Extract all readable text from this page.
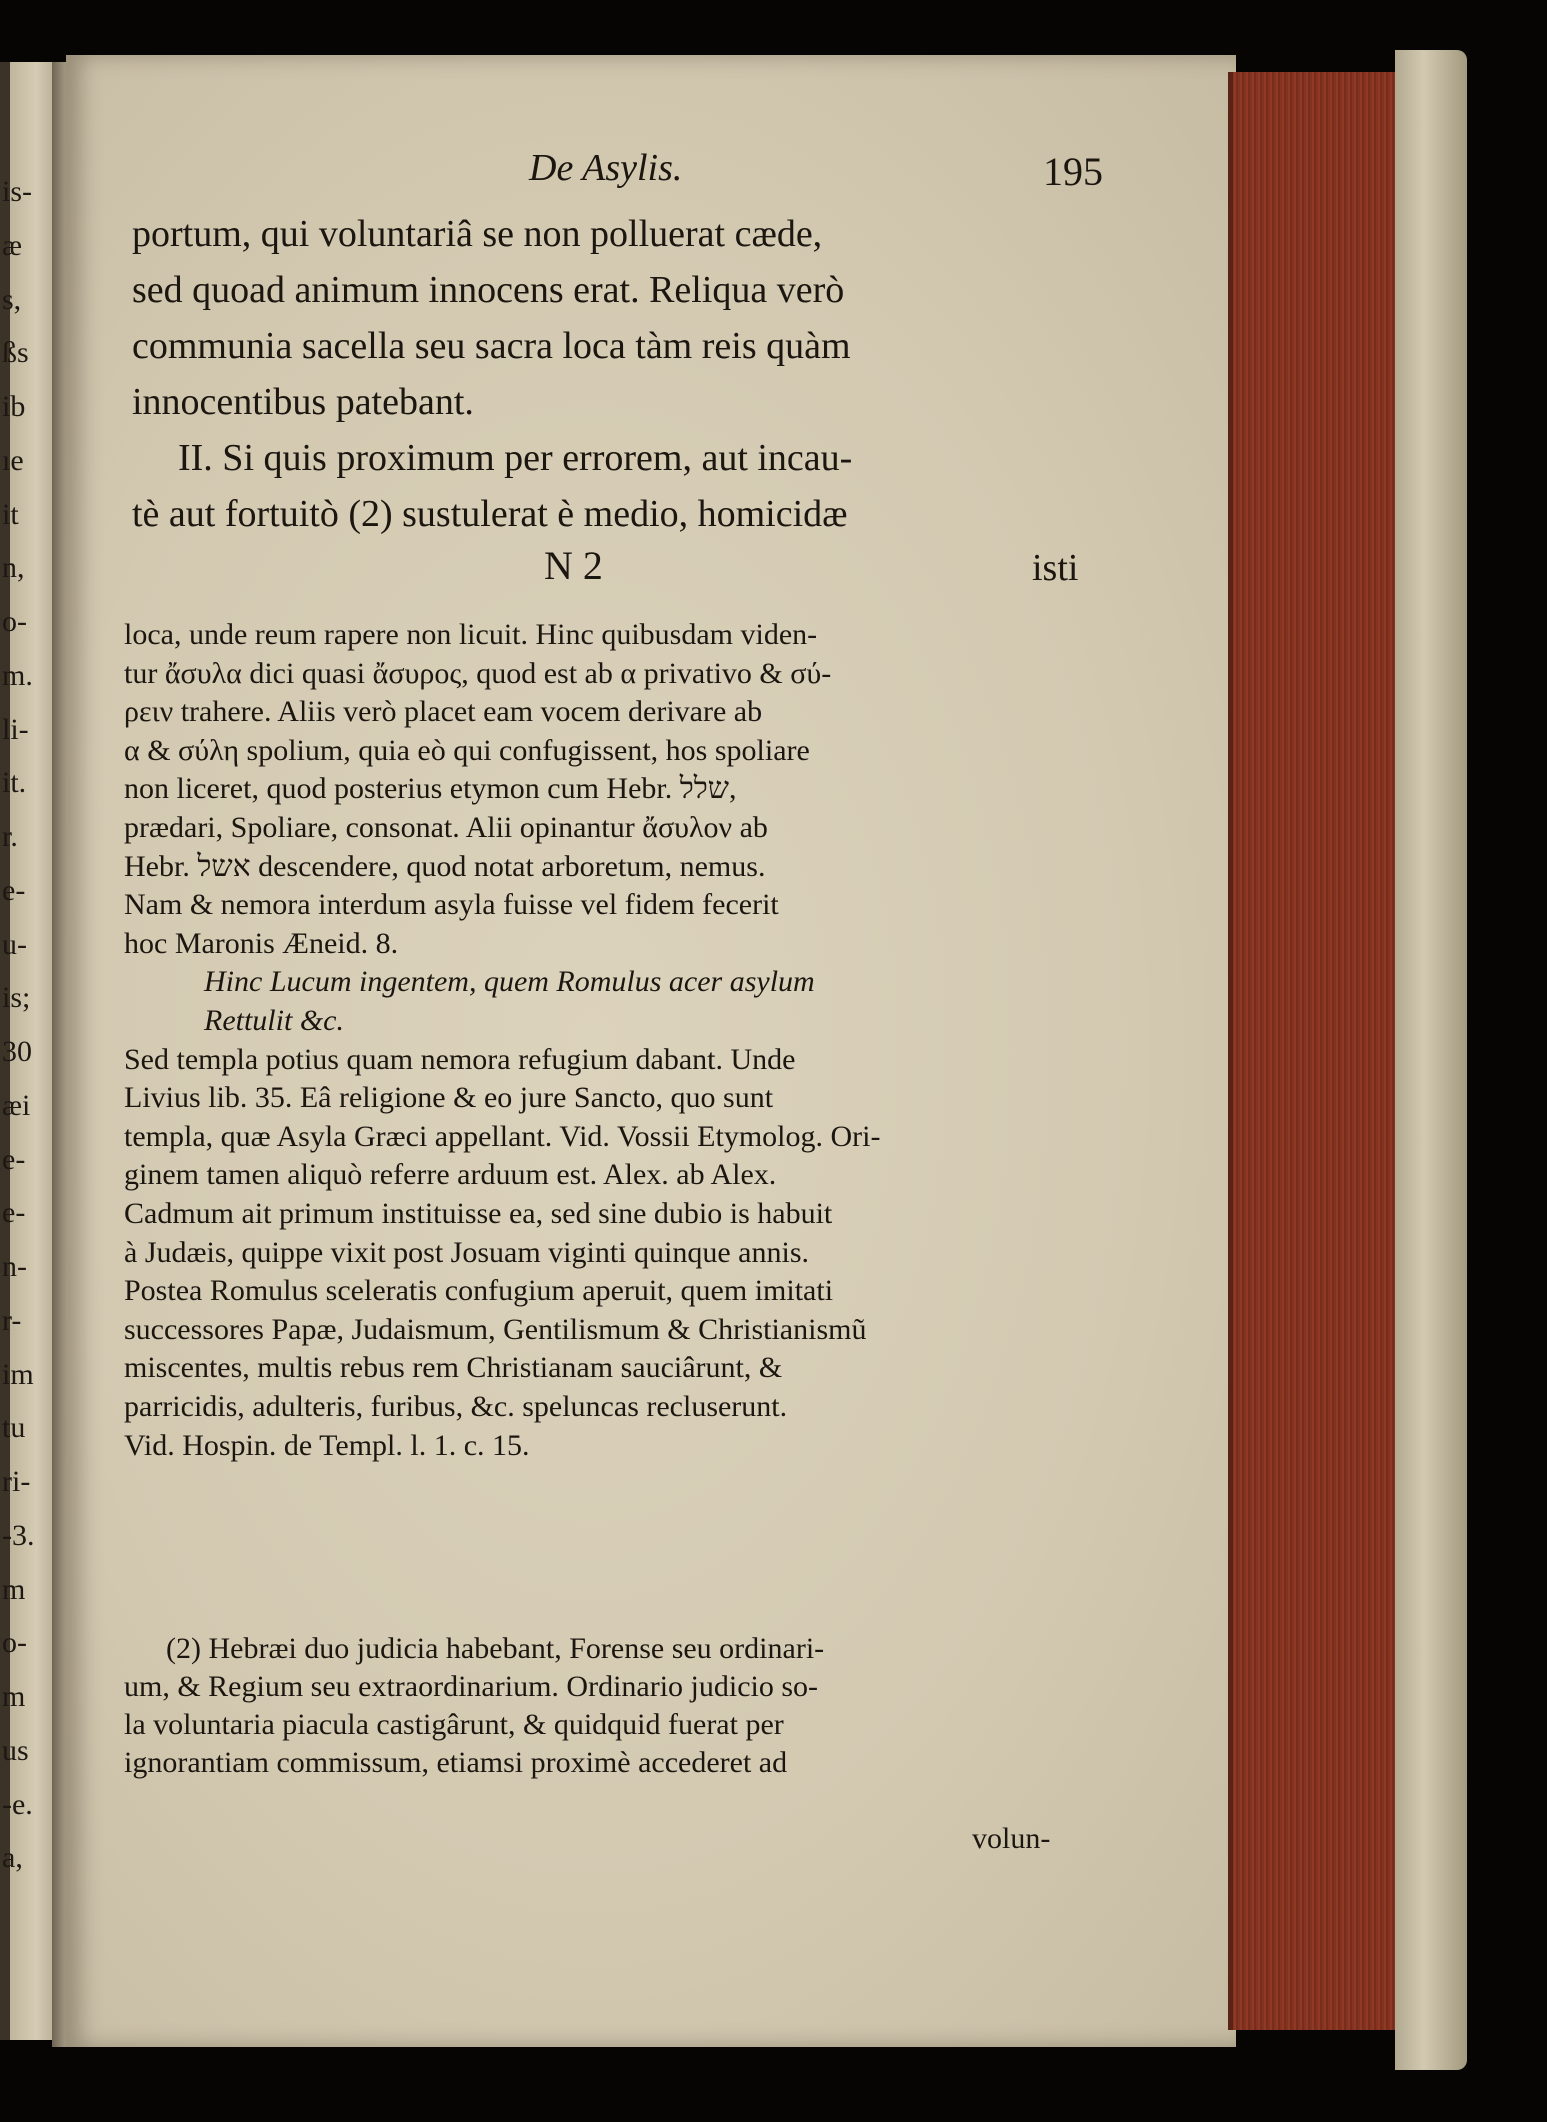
is-
æ
s,
ßs
ib
ıe
it
n,
o-
m.
li-
it.
r.
e-
u-
is;
30
æi
e-
e-
n-
r-
im
tu
ri-
-3.
m
o-
m
us
-e.
a,
De Asylis.	195
portum, qui voluntariâ se non polluerat cæde,
sed quoad animum innocens erat. Reliqua verò
communia sacella seu sacra loca tàm reis quàm
innocentibus patebant.
II. Si quis proximum per errorem, aut incau-
tè aut fortuitò (2) sustulerat è medio, homicidæ
N 2	isti
loca, unde reum rapere non licuit. Hinc quibusdam viden-
tur ἄσυλα dici quasi ἄσυρος, quod est ab α privativo & σύ-
ρειν trahere. Aliis verò placet eam vocem derivare ab
α & σύλη spolium, quia eò qui confugissent, hos spoliare
non liceret, quod posterius etymon cum Hebr. שלל,
prædari, Spoliare, consonat. Alii opinantur ἄσυλον ab
Hebr. אשל descendere, quod notat arboretum, nemus.
Nam & nemora interdum asyla fuisse vel fidem fecerit
hoc Maronis Æneid. 8.
Hinc Lucum ingentem, quem Romulus acer asylum
Rettulit &c.
Sed templa potius quam nemora refugium dabant. Unde
Livius lib. 35. Eâ religione & eo jure Sancto, quo sunt
templa, quæ Asyla Græci appellant. Vid. Vossii Etymolog. Ori-
ginem tamen aliquò referre arduum est. Alex. ab Alex.
Cadmum ait primum instituisse ea, sed sine dubio is habuit
à Judæis, quippe vixit post Josuam viginti quinque annis.
Postea Romulus sceleratis confugium aperuit, quem imitati
successores Papæ, Judaismum, Gentilismum & Christianismũ
miscentes, multis rebus rem Christianam sauciârunt, &
parricidis, adulteris, furibus, &c. speluncas recluserunt.
Vid. Hospin. de Templ. l. 1. c. 15.
(2) Hebræi duo judicia habebant, Forense seu ordinari-
um, & Regium seu extraordinarium. Ordinario judicio so-
la voluntaria piacula castigârunt, & quidquid fuerat per
ignorantiam commissum, etiamsi proximè accederet ad
volun-
